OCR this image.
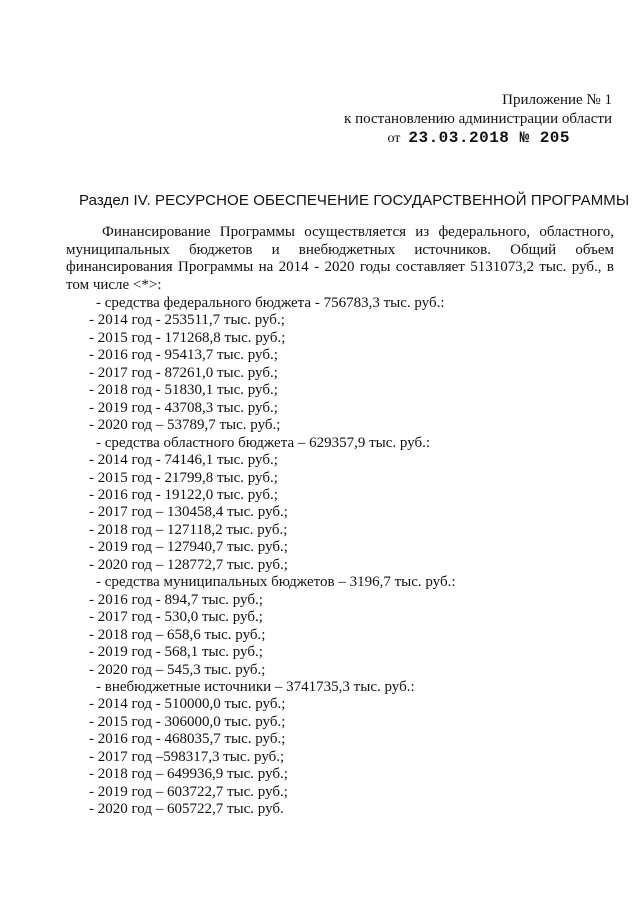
Приложение № 1
к постановлению администрации области
от 23.03.2018 № 205
Раздел IV. РЕСУРСНОЕ ОБЕСПЕЧЕНИЕ ГОСУДАРСТВЕННОЙ ПРОГРАММЫ

Финансирование Программы осуществляется из федерального, областного, муниципальных бюджетов и внебюджетных источников. Общий объем финансирования Программы на 2014 - 2020 годы составляет 5131073,2 тыс. руб., в том числе <*>:

- средства федерального бюджета - 756783,3 тыс. руб.:
- 2014 год - 253511,7 тыс. руб.;
- 2015 год - 171268,8 тыс. руб.;
- 2016 год - 95413,7 тыс. руб.;
- 2017 год - 87261,0 тыс. руб.;
- 2018 год - 51830,1 тыс. руб.;
- 2019 год - 43708,3 тыс. руб.;
- 2020 год – 53789,7 тыс. руб.;
- средства областного бюджета – 629357,9 тыс. руб.:
- 2014 год - 74146,1 тыс. руб.;
- 2015 год - 21799,8 тыс. руб.;
- 2016 год - 19122,0 тыс. руб.;
- 2017 год – 130458,4 тыс. руб.;
- 2018 год – 127118,2 тыс. руб.;
- 2019 год – 127940,7 тыс. руб.;
- 2020 год – 128772,7 тыс. руб.;
- средства муниципальных бюджетов – 3196,7 тыс. руб.:
- 2016 год - 894,7 тыс. руб.;
- 2017 год - 530,0 тыс. руб.;
- 2018 год – 658,6 тыс. руб.;
- 2019 год - 568,1 тыс. руб.;
- 2020 год – 545,3 тыс. руб.;
- внебюджетные источники – 3741735,3 тыс. руб.:
- 2014 год - 510000,0 тыс. руб.;
- 2015 год - 306000,0 тыс. руб.;
- 2016 год - 468035,7 тыс. руб.;
- 2017 год –598317,3 тыс. руб.;
- 2018 год – 649936,9 тыс. руб.;
- 2019 год – 603722,7 тыс. руб.;
- 2020 год – 605722,7 тыс. руб.
